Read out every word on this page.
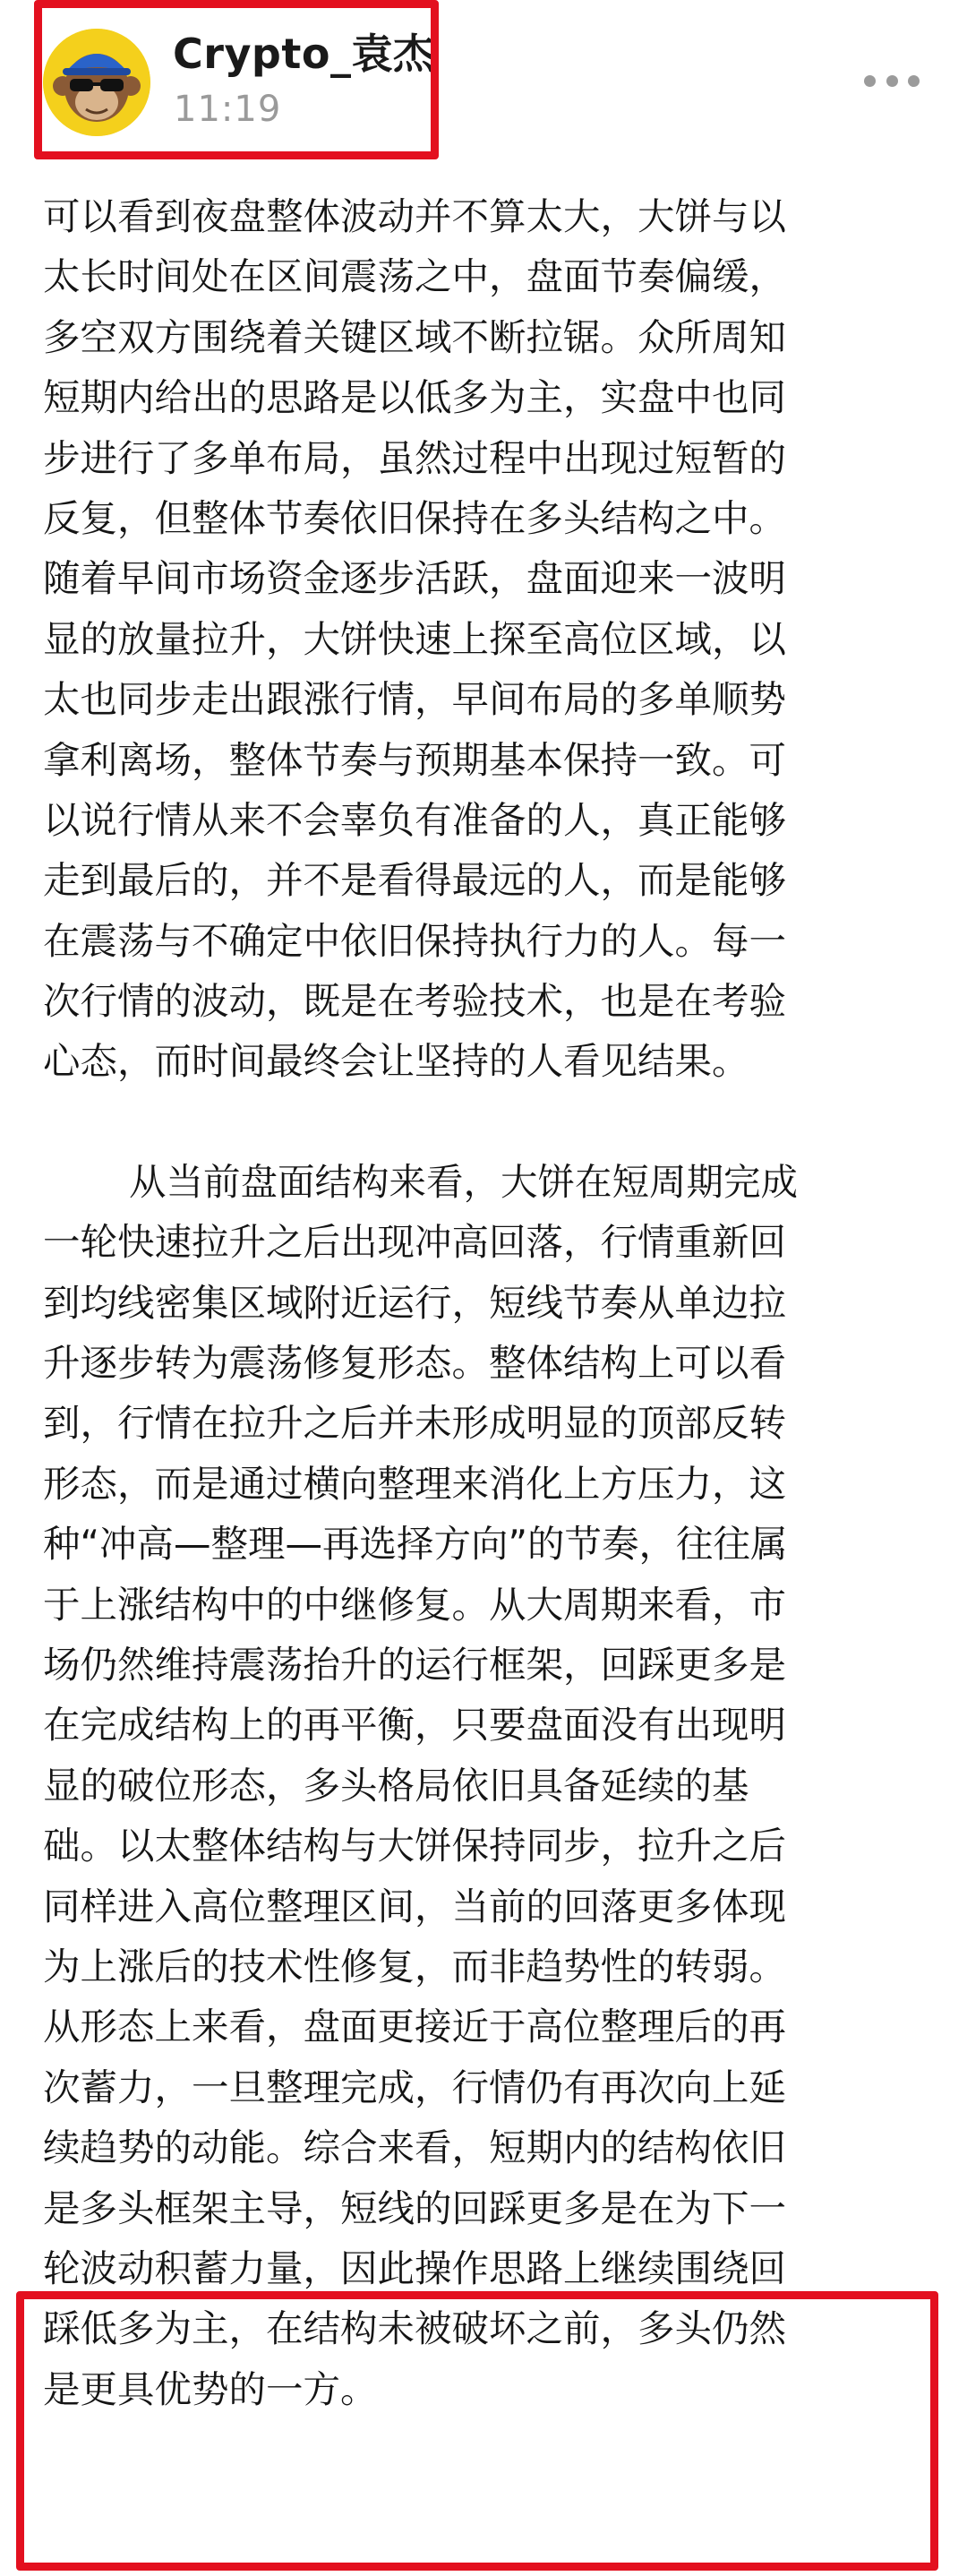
Crypto_袁杰
11:19

可以看到夜盘整体波动并不算太大，大饼与以
太长时间处在区间震荡之中，盘面节奏偏缓，
多空双方围绕着关键区域不断拉锯。众所周知
短期内给出的思路是以低多为主，实盘中也同
步进行了多单布局，虽然过程中出现过短暂的
反复，但整体节奏依旧保持在多头结构之中。
随着早间市场资金逐步活跃，盘面迎来一波明
显的放量拉升，大饼快速上探至高位区域，以
太也同步走出跟涨行情，早间布局的多单顺势
拿利离场，整体节奏与预期基本保持一致。可
以说行情从来不会辜负有准备的人，真正能够
走到最后的，并不是看得最远的人，而是能够
在震荡与不确定中依旧保持执行力的人。每一
次行情的波动，既是在考验技术，也是在考验
心态，而时间最终会让坚持的人看见结果。

从当前盘面结构来看，大饼在短周期完成
一轮快速拉升之后出现冲高回落，行情重新回
到均线密集区域附近运行，短线节奏从单边拉
升逐步转为震荡修复形态。整体结构上可以看
到，行情在拉升之后并未形成明显的顶部反转
形态，而是通过横向整理来消化上方压力，这
种“冲高—整理—再选择方向”的节奏，往往属
于上涨结构中的中继修复。从大周期来看，市
场仍然维持震荡抬升的运行框架，回踩更多是
在完成结构上的再平衡，只要盘面没有出现明
显的破位形态，多头格局依旧具备延续的基
础。以太整体结构与大饼保持同步，拉升之后
同样进入高位整理区间，当前的回落更多体现
为上涨后的技术性修复，而非趋势性的转弱。
从形态上来看，盘面更接近于高位整理后的再
次蓄力，一旦整理完成，行情仍有再次向上延
续趋势的动能。综合来看，短期内的结构依旧
是多头框架主导，短线的回踩更多是在为下一
轮波动积蓄力量，因此操作思路上继续围绕回
踩低多为主，在结构未被破坏之前，多头仍然
是更具优势的一方。
